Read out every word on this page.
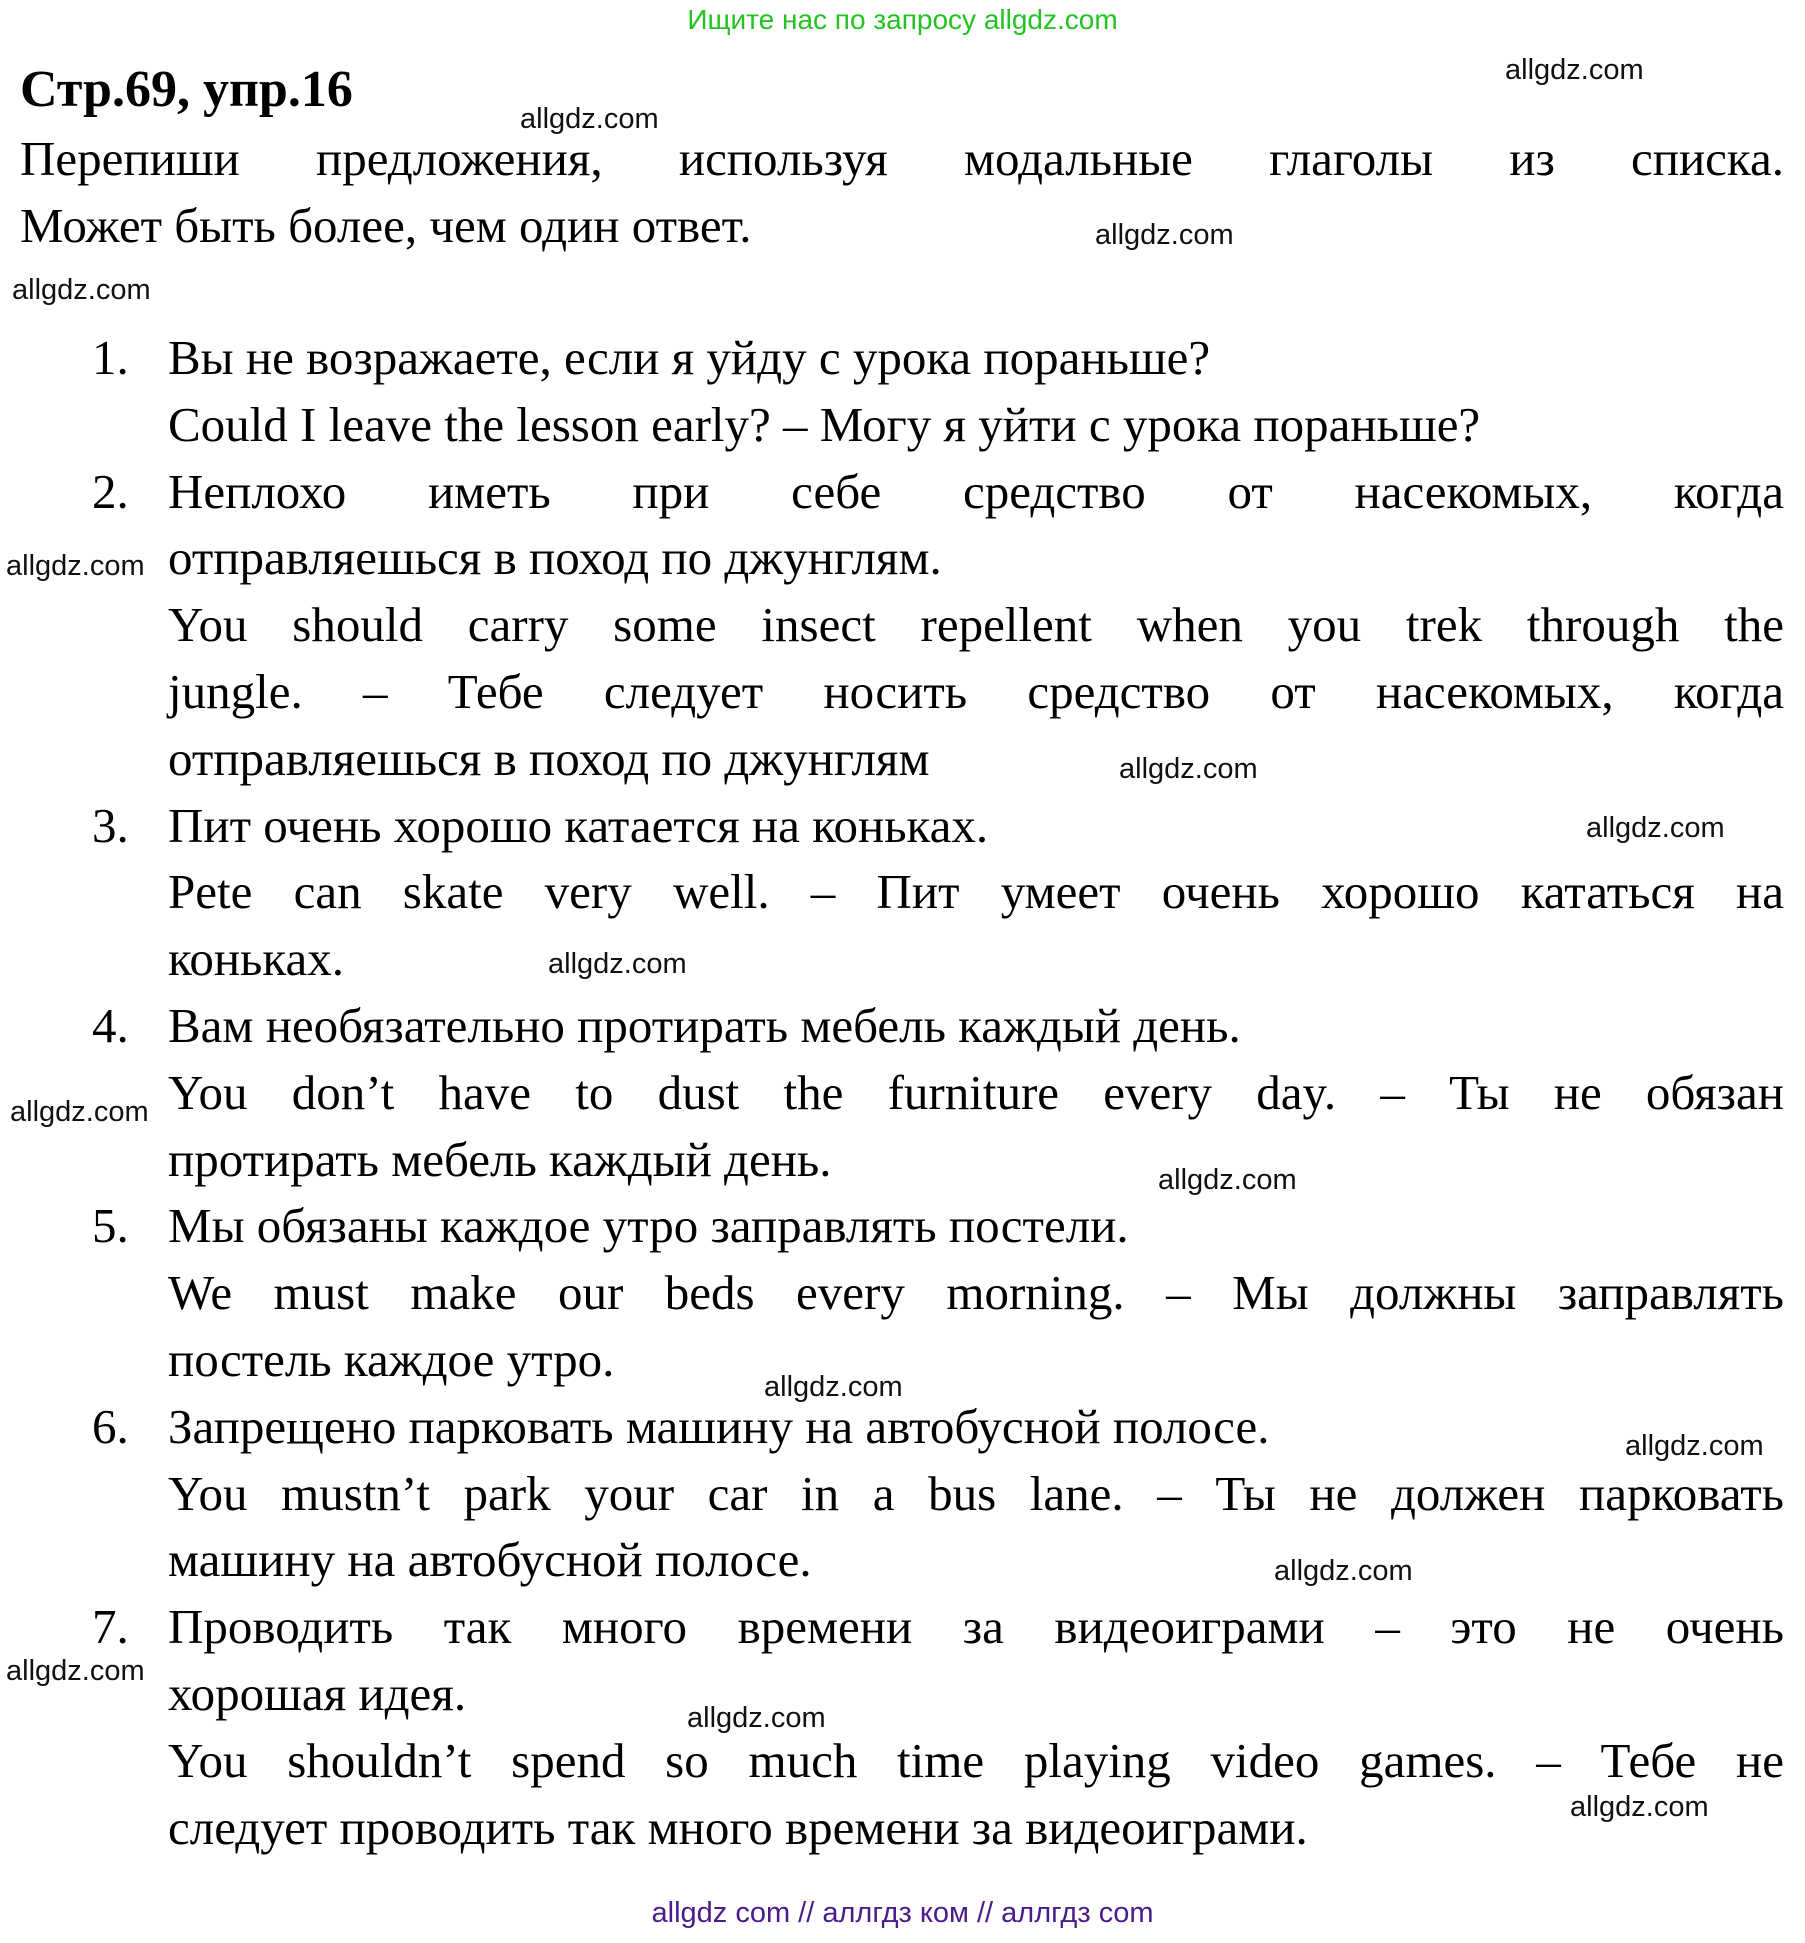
Ищите нас по запросу allgdz.com
Стр.69, упр.16
Перепиши предложения, используя модальные глаголы из списка.
Может быть более, чем один ответ.
1. Вы не возражаете, если я уйду с урока пораньше?
Could I leave the lesson early? – Могу я уйти с урока пораньше?
2. Неплохо иметь при себе средство от насекомых, когда
отправляешься в поход по джунглям.
You should carry some insect repellent when you trek through the
jungle. – Тебе следует носить средство от насекомых, когда
отправляешься в поход по джунглям
3. Пит очень хорошо катается на коньках.
Pete can skate very well. – Пит умеет очень хорошо кататься на
коньках.
4. Вам необязательно протирать мебель каждый день.
You don’t have to dust the furniture every day. – Ты не обязан
протирать мебель каждый день.
5. Мы обязаны каждое утро заправлять постели.
We must make our beds every morning. – Мы должны заправлять
постель каждое утро.
6. Запрещено парковать машину на автобусной полосе.
You mustn’t park your car in a bus lane. – Ты не должен парковать
машину на автобусной полосе.
7. Проводить так много времени за видеоиграми – это не очень
хорошая идея.
You shouldn’t spend so much time playing video games. – Тебе не
следует проводить так много времени за видеоиграми.
allgdz.com
allgdz.com
allgdz.com
allgdz.com
allgdz.com
allgdz.com
allgdz.com
allgdz.com
allgdz.com
allgdz.com
allgdz.com
allgdz.com
allgdz.com
allgdz.com
allgdz.com
allgdz.com
allgdz com // аллгдз ком // аллгдз com
